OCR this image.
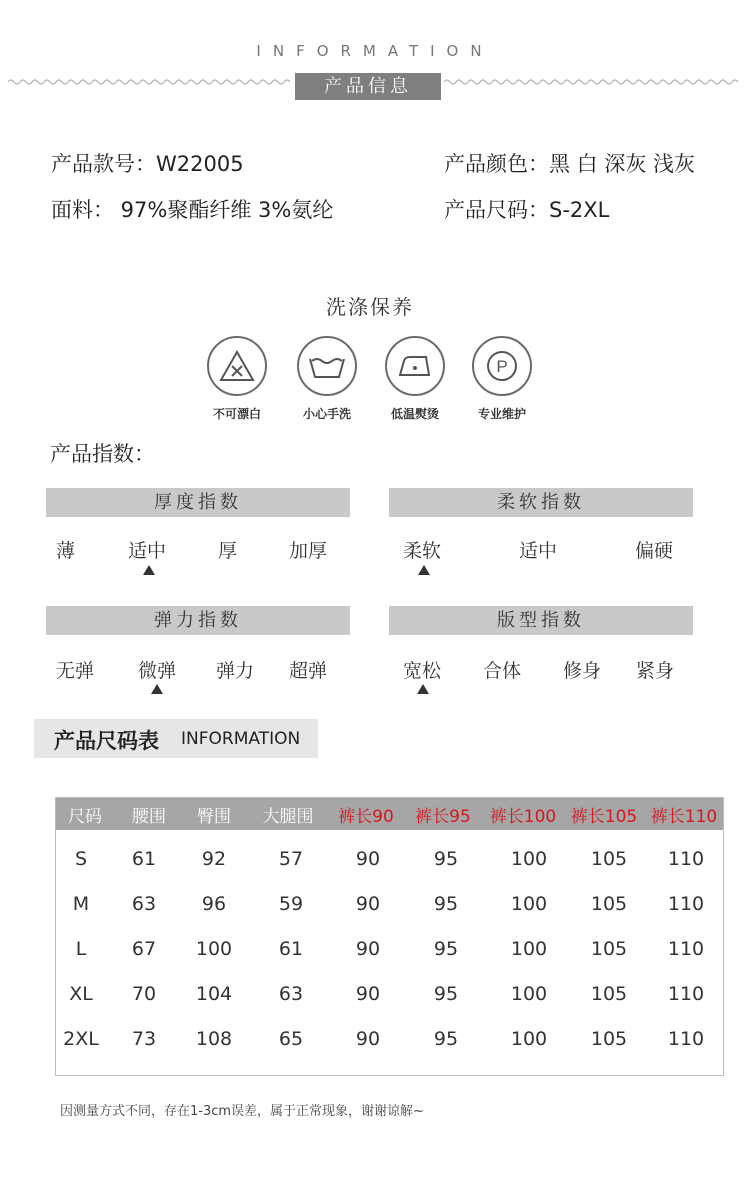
INFORMATION
产品信息
产品款号：W22005	产品颜色：黑 白 深灰 浅灰
面料： 97%聚酯纤维 3%氨纶	产品尺码：S-2XL
洗涤保养
不可漂白	小心手洗	低温熨烫
P
专业维护
产品指数：
厚度指数	柔软指数
薄	适中	厚	加厚	柔软	适中	偏硬
弹力指数	版型指数
无弹 微弹 弹力 超弹	宽松 合体 修身 紧身
产品尺码表 INFORMATION
尺码 腰围 臀围 大腿围 裤长90 裤长95 裤长100 裤长105 裤长110
S 61 92	57	90	95	100 105 110
M 63 96	59	90	95	100 105 110
L 67 100 61	90	95	100 105 110
XL 70 104 63	90	95	100 105 110
2XL 73 108 65	90	95	100 105 110
因测量方式不同，存在1-3cm误差，属于正常现象，谢谢谅解~
